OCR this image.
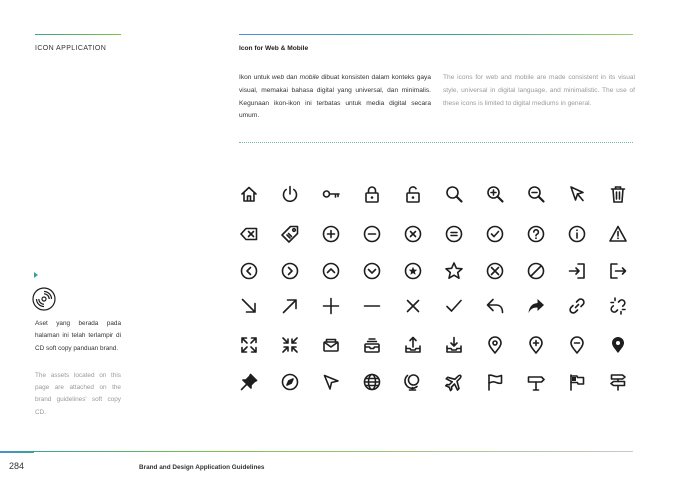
ICON APPLICATION	Icon for Web & Mobile
Ikon untuk web dan mobile dibuat konsisten dalam konteks gaya visual, memakai bahasa digital yang universal, dan minimalis. Kegunaan ikon-ikon ini terbatas untuk media digital secara umum.
The icons for web and mobile are made consistent in its visual style, universal in digital language, and minimalistic. The use of these icons is limited to digital mediums in general.
Aset yang berada pada halaman ini telah terlampir di CD soft copy panduan brand.
The assets located on this page are attached on the brand guidelines' soft copy CD.
284	Brand and Design Application Guidelines
